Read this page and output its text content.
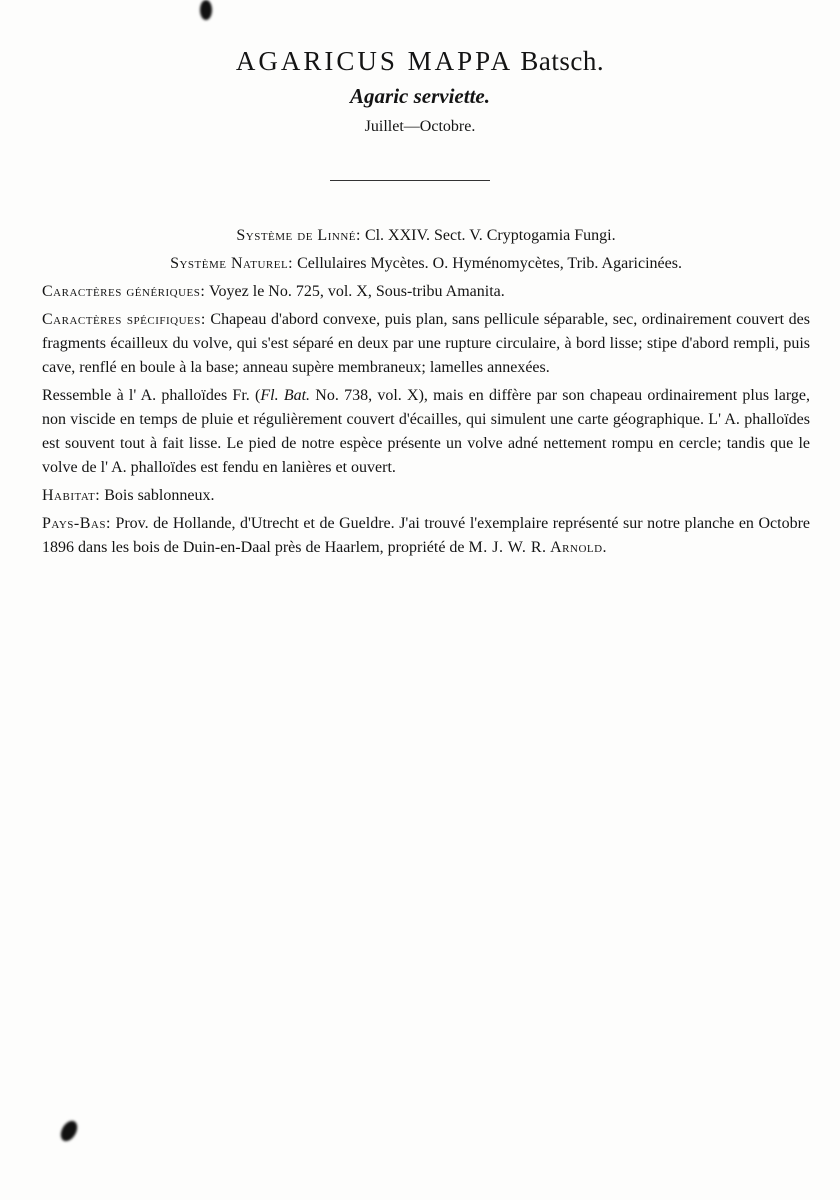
AGARICUS MAPPA Batsch.
Agaric serviette.
Juillet—Octobre.

Système de Linné: Cl. XXIV. Sect. V. Cryptogamia Fungi.

Système Naturel: Cellulaires Mycètes. O. Hyménomycètes, Trib. Agaricinées.

Caractères génériques: Voyez le No. 725, vol. X, Sous-tribu Amanita.

Caractères spécifiques: Chapeau d'abord convexe, puis plan, sans pellicule séparable, sec, ordinairement couvert des fragments écailleux du volve, qui s'est séparé en deux par une rupture circulaire, à bord lisse; stipe d'abord rempli, puis cave, renflé en boule à la base; anneau supère membraneux; lamelles annexées.

Ressemble à l' A. phalloïdes Fr. (Fl. Bat. No. 738, vol. X), mais en diffère par son chapeau ordinairement plus large, non viscide en temps de pluie et régulièrement couvert d'écailles, qui simulent une carte géographique. L' A. phalloïdes est souvent tout à fait lisse. Le pied de notre espèce présente un volve adné nettement rompu en cercle; tandis que le volve de l' A. phalloïdes est fendu en lanières et ouvert.

Habitat: Bois sablonneux.

Pays-Bas: Prov. de Hollande, d'Utrecht et de Gueldre. J'ai trouvé l'exemplaire représenté sur notre planche en Octobre 1896 dans les bois de Duin-en-Daal près de Haarlem, propriété de M. J. W. R. Arnold.
